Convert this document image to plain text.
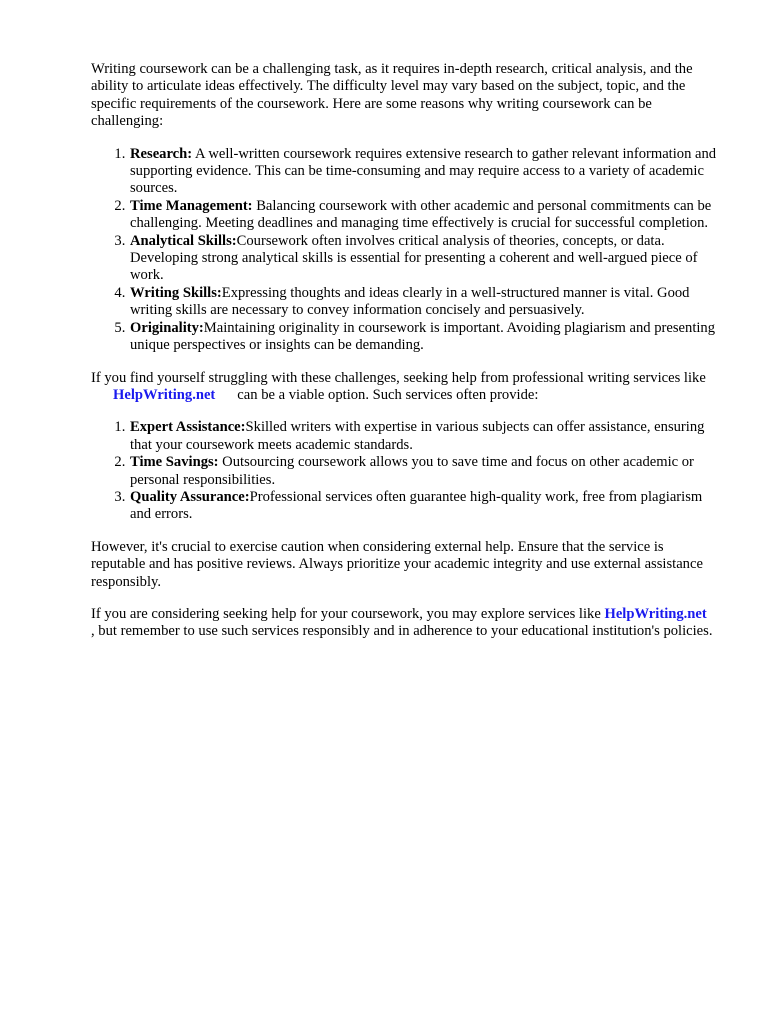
Writing coursework can be a challenging task, as it requires in-depth research, critical analysis, and the ability to articulate ideas effectively. The difficulty level may vary based on the subject, topic, and the specific requirements of the coursework. Here are some reasons why writing coursework can be challenging:

1. Research: A well-written coursework requires extensive research to gather relevant information and supporting evidence. This can be time-consuming and may require access to a variety of academic sources.
2. Time Management: Balancing coursework with other academic and personal commitments can be challenging. Meeting deadlines and managing time effectively is crucial for successful completion.
3. Analytical Skills:Coursework often involves critical analysis of theories, concepts, or data. Developing strong analytical skills is essential for presenting a coherent and well-argued piece of work.
4. Writing Skills:Expressing thoughts and ideas clearly in a well-structured manner is vital. Good writing skills are necessary to convey information concisely and persuasively.
5. Originality:Maintaining originality in coursework is important. Avoiding plagiarism and presenting unique perspectives or insights can be demanding.

If you find yourself struggling with these challenges, seeking help from professional writing services likeHelpWriting.net can be a viable option. Such services often provide:

1. Expert Assistance:Skilled writers with expertise in various subjects can offer assistance, ensuring that your coursework meets academic standards.
2. Time Savings: Outsourcing coursework allows you to save time and focus on other academic or personal responsibilities.
3. Quality Assurance:Professional services often guarantee high-quality work, free from plagiarism and errors.

However, it's crucial to exercise caution when considering external help. Ensure that the service is reputable and has positive reviews. Always prioritize your academic integrity and use external assistance responsibly.

If you are considering seeking help for your coursework, you may explore services like HelpWriting.net, but remember to use such services responsibly and in adherence to your educational institution's policies.
